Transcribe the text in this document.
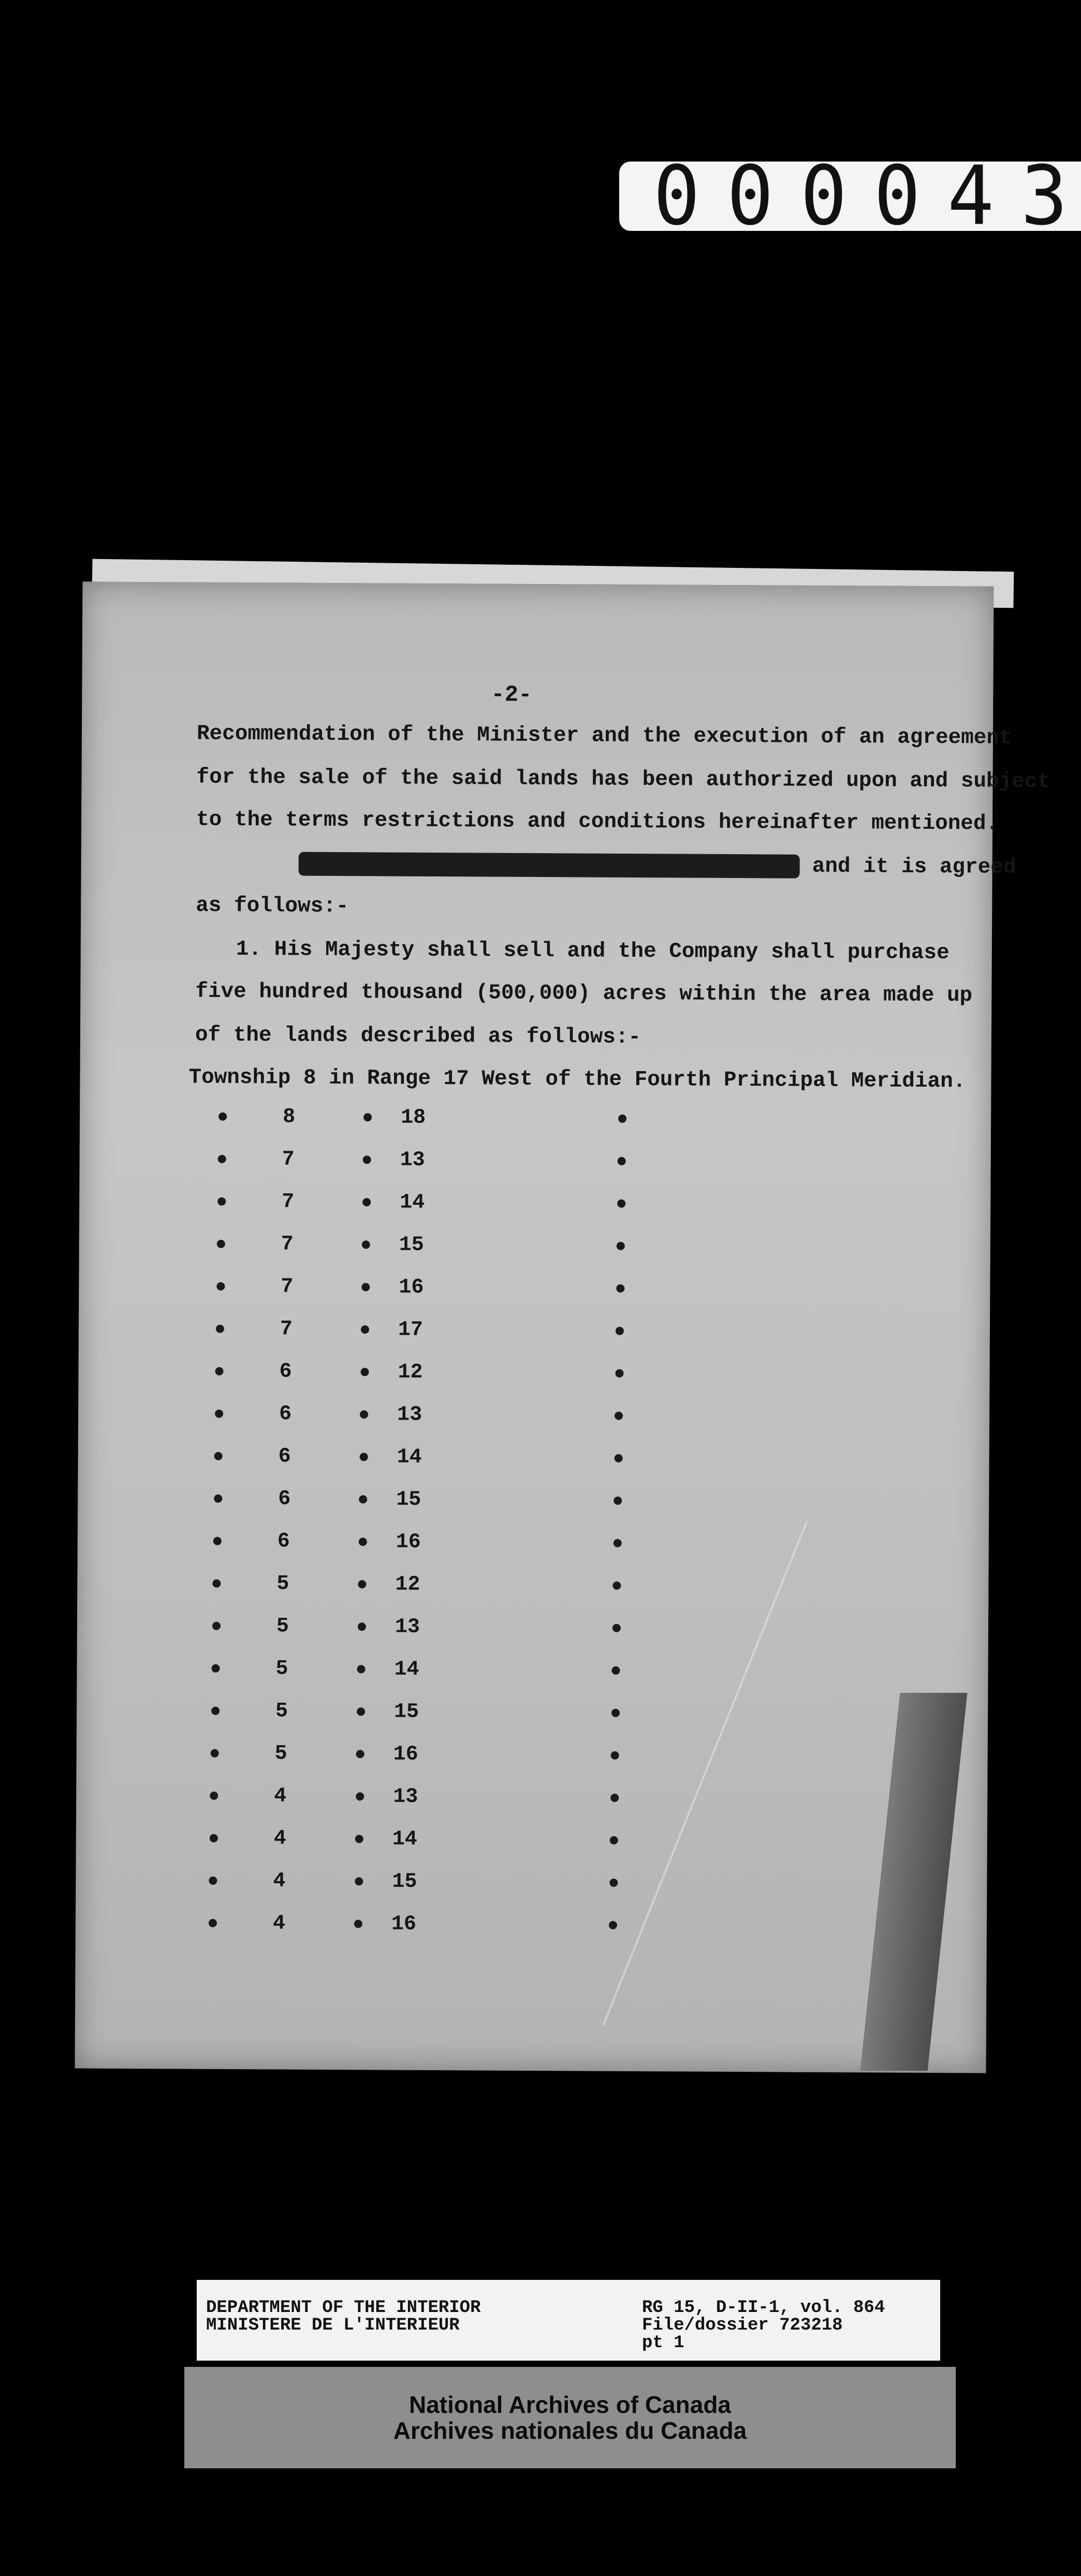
0 0 0 0 4 3
-2-
Recommendation of the Minister and the execution of an agreement
for the sale of the said lands has been authorized upon and subject
to the terms restrictions and conditions hereinafter mentioned.
and it is agreed
as follows:-
1. His Majesty shall sell and the Company shall purchase
five hundred thousand (500,000) acres within the area made up
of the lands described as follows:-
Township 8 in Range 17 West of the Fourth Principal Meridian.
8	18
7	13
7	14
7	15
7	16
7	17
6	12
6	13
6	14
6	15
6	16
5	12
5	13
5	14
5	15
5	16
4	13
4	14
4	15
4	16
DEPARTMENT OF THE INTERIOR
MINISTERE DE L'INTERIEUR
RG 15, D-II-1, vol. 864
File/dossier 723218
pt 1
National Archives of Canada
Archives nationales du Canada
